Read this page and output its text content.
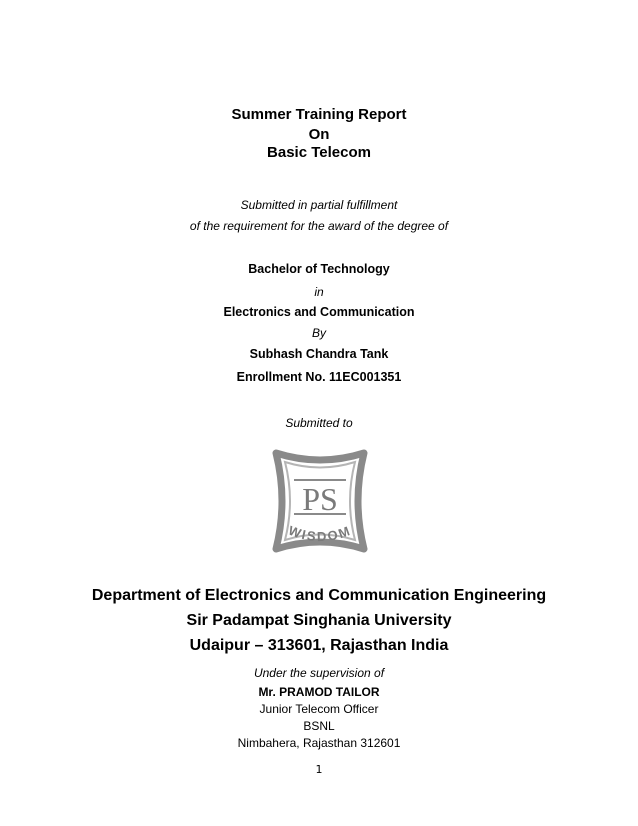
Summer Training Report
On
Basic Telecom
Submitted in partial fulfillment
of the requirement for the award of the degree of
Bachelor of Technology
in
Electronics and Communication
By
Subhash Chandra Tank
Enrollment No. 11EC001351
Submitted to
PS
WISDOM
Department of Electronics and Communication Engineering
Sir Padampat Singhania University
Udaipur – 313601, Rajasthan India
Under the supervision of
Mr. PRAMOD TAILOR
Junior Telecom Officer
BSNL
Nimbahera, Rajasthan 312601
1
